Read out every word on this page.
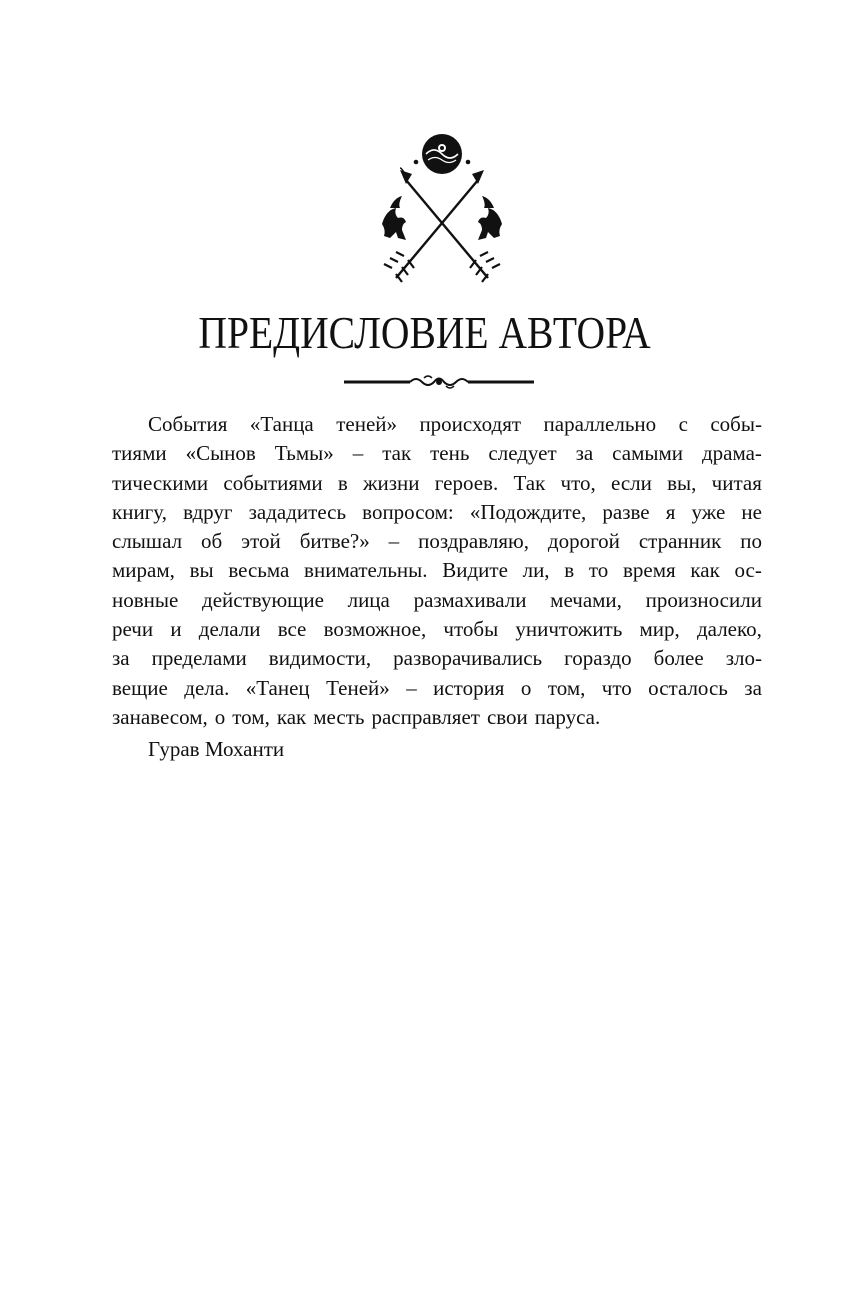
ПРЕДИСЛОВИЕ АВТОРА
События «Танца теней» происходят параллельно с собы-
тиями «Сынов Тьмы» – так тень следует за самыми драма-
тическими событиями в жизни героев. Так что, если вы, читая
книгу, вдруг зададитесь вопросом: «Подождите, разве я уже не
слышал об этой битве?» – поздравляю, дорогой странник по
мирам, вы весьма внимательны. Видите ли, в то время как ос-
новные действующие лица размахивали мечами, произносили
речи и делали все возможное, чтобы уничтожить мир, далеко,
за пределами видимости, разворачивались гораздо более зло-
вещие дела. «Танец Теней» – история о том, что осталось за
занавесом, о том, как месть расправляет свои паруса.

Гурав Моханти
